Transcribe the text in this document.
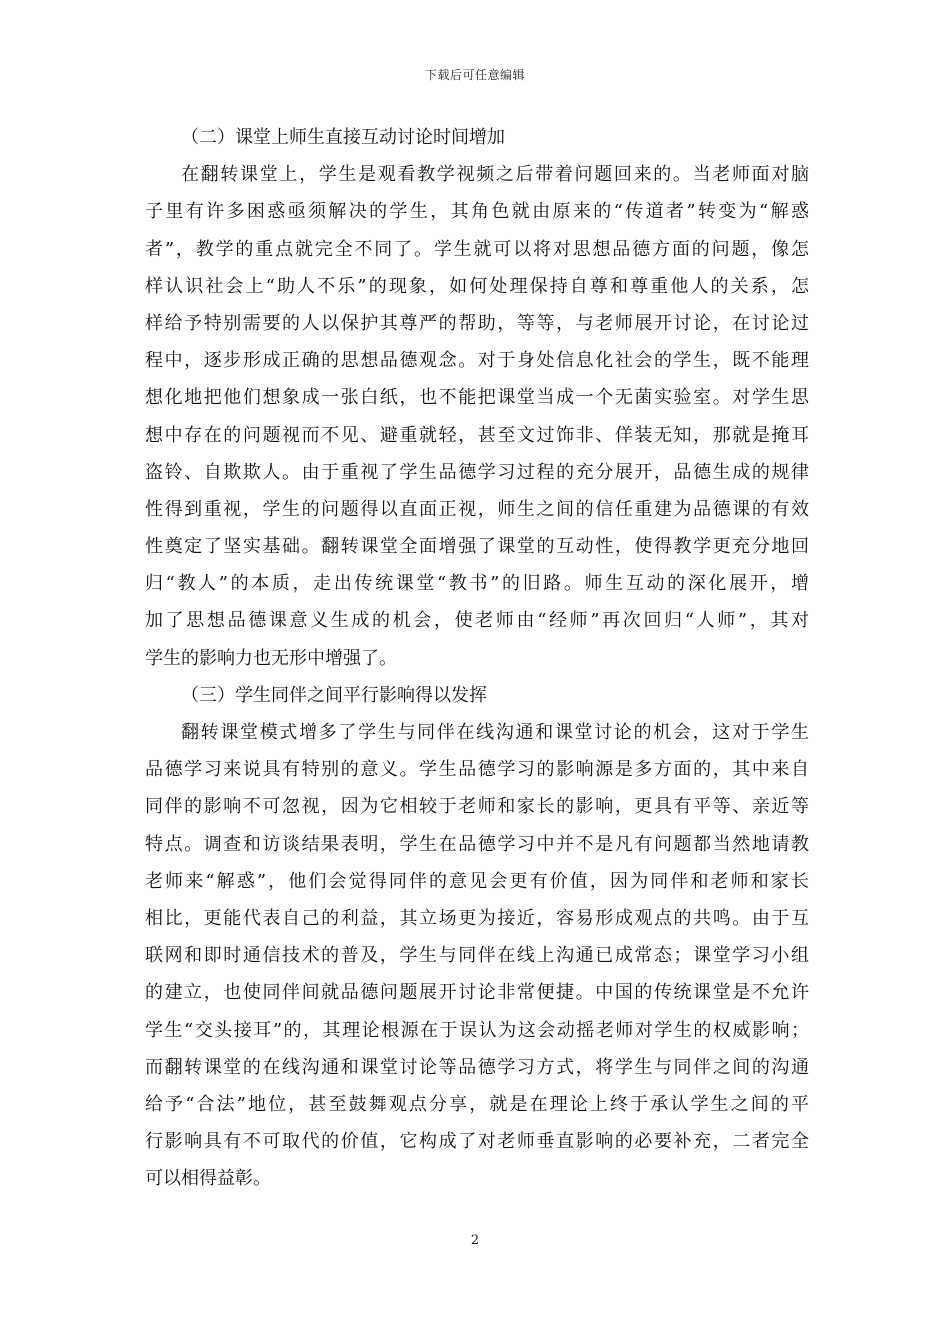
下载后可任意编辑
（二）课堂上师生直接互动讨论时间增加
在翻转课堂上，学生是观看教学视频之后带着问题回来的。当老师面对脑
子里有许多困惑亟须解决的学生，其角色就由原来的“传道者”转变为“解惑
者”，教学的重点就完全不同了。学生就可以将对思想品德方面的问题，像怎
样认识社会上“助人不乐”的现象，如何处理保持自尊和尊重他人的关系，怎
样给予特别需要的人以保护其尊严的帮助，等等，与老师展开讨论，在讨论过
程中，逐步形成正确的思想品德观念。对于身处信息化社会的学生，既不能理
想化地把他们想象成一张白纸，也不能把课堂当成一个无菌实验室。对学生思
想中存在的问题视而不见、避重就轻，甚至文过饰非、佯装无知，那就是掩耳
盗铃、自欺欺人。由于重视了学生品德学习过程的充分展开，品德生成的规律
性得到重视，学生的问题得以直面正视，师生之间的信任重建为品德课的有效
性奠定了坚实基础。翻转课堂全面增强了课堂的互动性，使得教学更充分地回
归“教人”的本质，走出传统课堂“教书”的旧路。师生互动的深化展开，增
加了思想品德课意义生成的机会，使老师由“经师”再次回归“人师”，其对
学生的影响力也无形中增强了。
（三）学生同伴之间平行影响得以发挥
翻转课堂模式增多了学生与同伴在线沟通和课堂讨论的机会，这对于学生
品德学习来说具有特别的意义。学生品德学习的影响源是多方面的，其中来自
同伴的影响不可忽视，因为它相较于老师和家长的影响，更具有平等、亲近等
特点。调查和访谈结果表明，学生在品德学习中并不是凡有问题都当然地请教
老师来“解惑”，他们会觉得同伴的意见会更有价值，因为同伴和老师和家长
相比，更能代表自己的利益，其立场更为接近，容易形成观点的共鸣。由于互
联网和即时通信技术的普及，学生与同伴在线上沟通已成常态；课堂学习小组
的建立，也使同伴间就品德问题展开讨论非常便捷。中国的传统课堂是不允许
学生“交头接耳”的，其理论根源在于误认为这会动摇老师对学生的权威影响；
而翻转课堂的在线沟通和课堂讨论等品德学习方式，将学生与同伴之间的沟通
给予“合法”地位，甚至鼓舞观点分享，就是在理论上终于承认学生之间的平
行影响具有不可取代的价值，它构成了对老师垂直影响的必要补充，二者完全
可以相得益彰。
2
